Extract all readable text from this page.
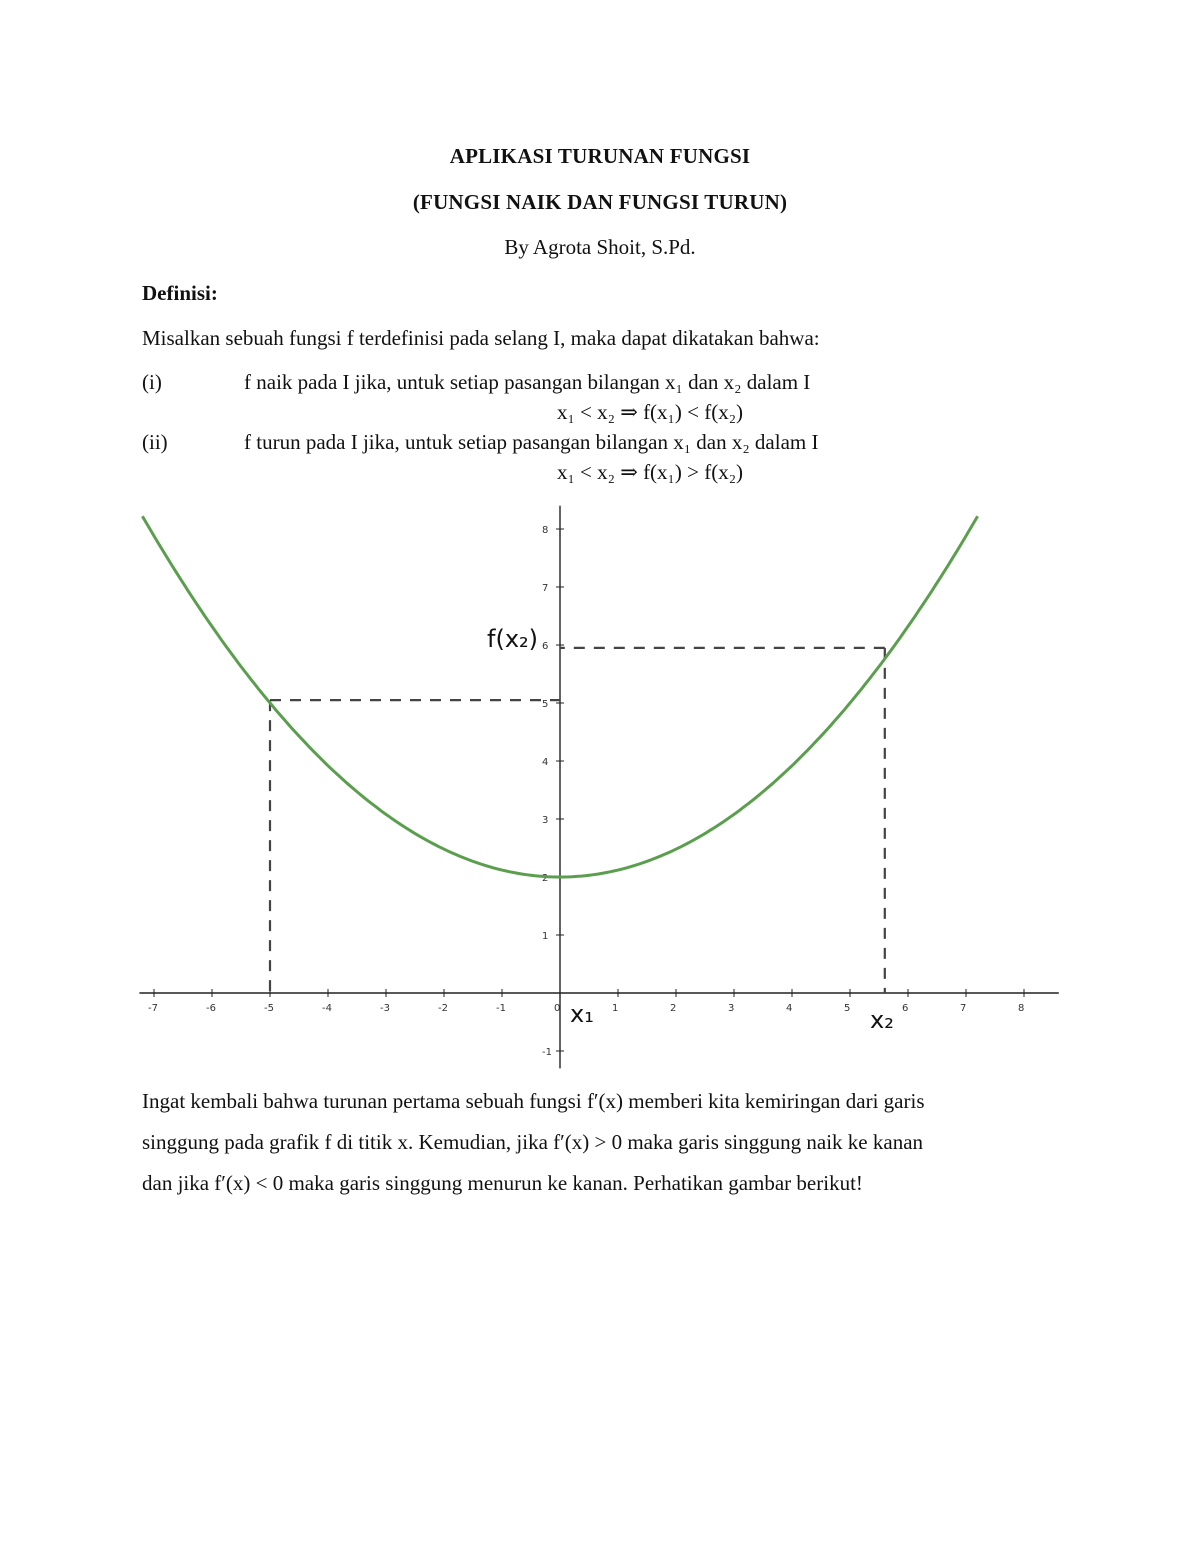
APLIKASI TURUNAN FUNGSI
(FUNGSI NAIK DAN FUNGSI TURUN)
By Agrota Shoit, S.Pd.
Definisi:
Misalkan sebuah fungsi f terdefinisi pada selang I, maka dapat dikatakan bahwa:
(i)	f naik pada I jika, untuk setiap pasangan bilangan x₁ dan x₂ dalam I
x₁ < x₂ ⇒ f(x₁) < f(x₂)
(ii)	f turun pada I jika, untuk setiap pasangan bilangan x₁ dan x₂ dalam I
x₁ < x₂ ⇒ f(x₁) > f(x₂)
-7	-6	-5	-4	-3	-2	-1	0	1	2	3	4	5	6	7	8
-1
1
2
3
4
5
6
7
8
x₁	x₂
f(x₂)
Ingat kembali bahwa turunan pertama sebuah fungsi f′(x) memberi kita kemiringan dari garis
singgung pada grafik f di titik x. Kemudian, jika f′(x) > 0 maka garis singgung naik ke kanan
dan jika f′(x) < 0 maka garis singgung menurun ke kanan. Perhatikan gambar berikut!
